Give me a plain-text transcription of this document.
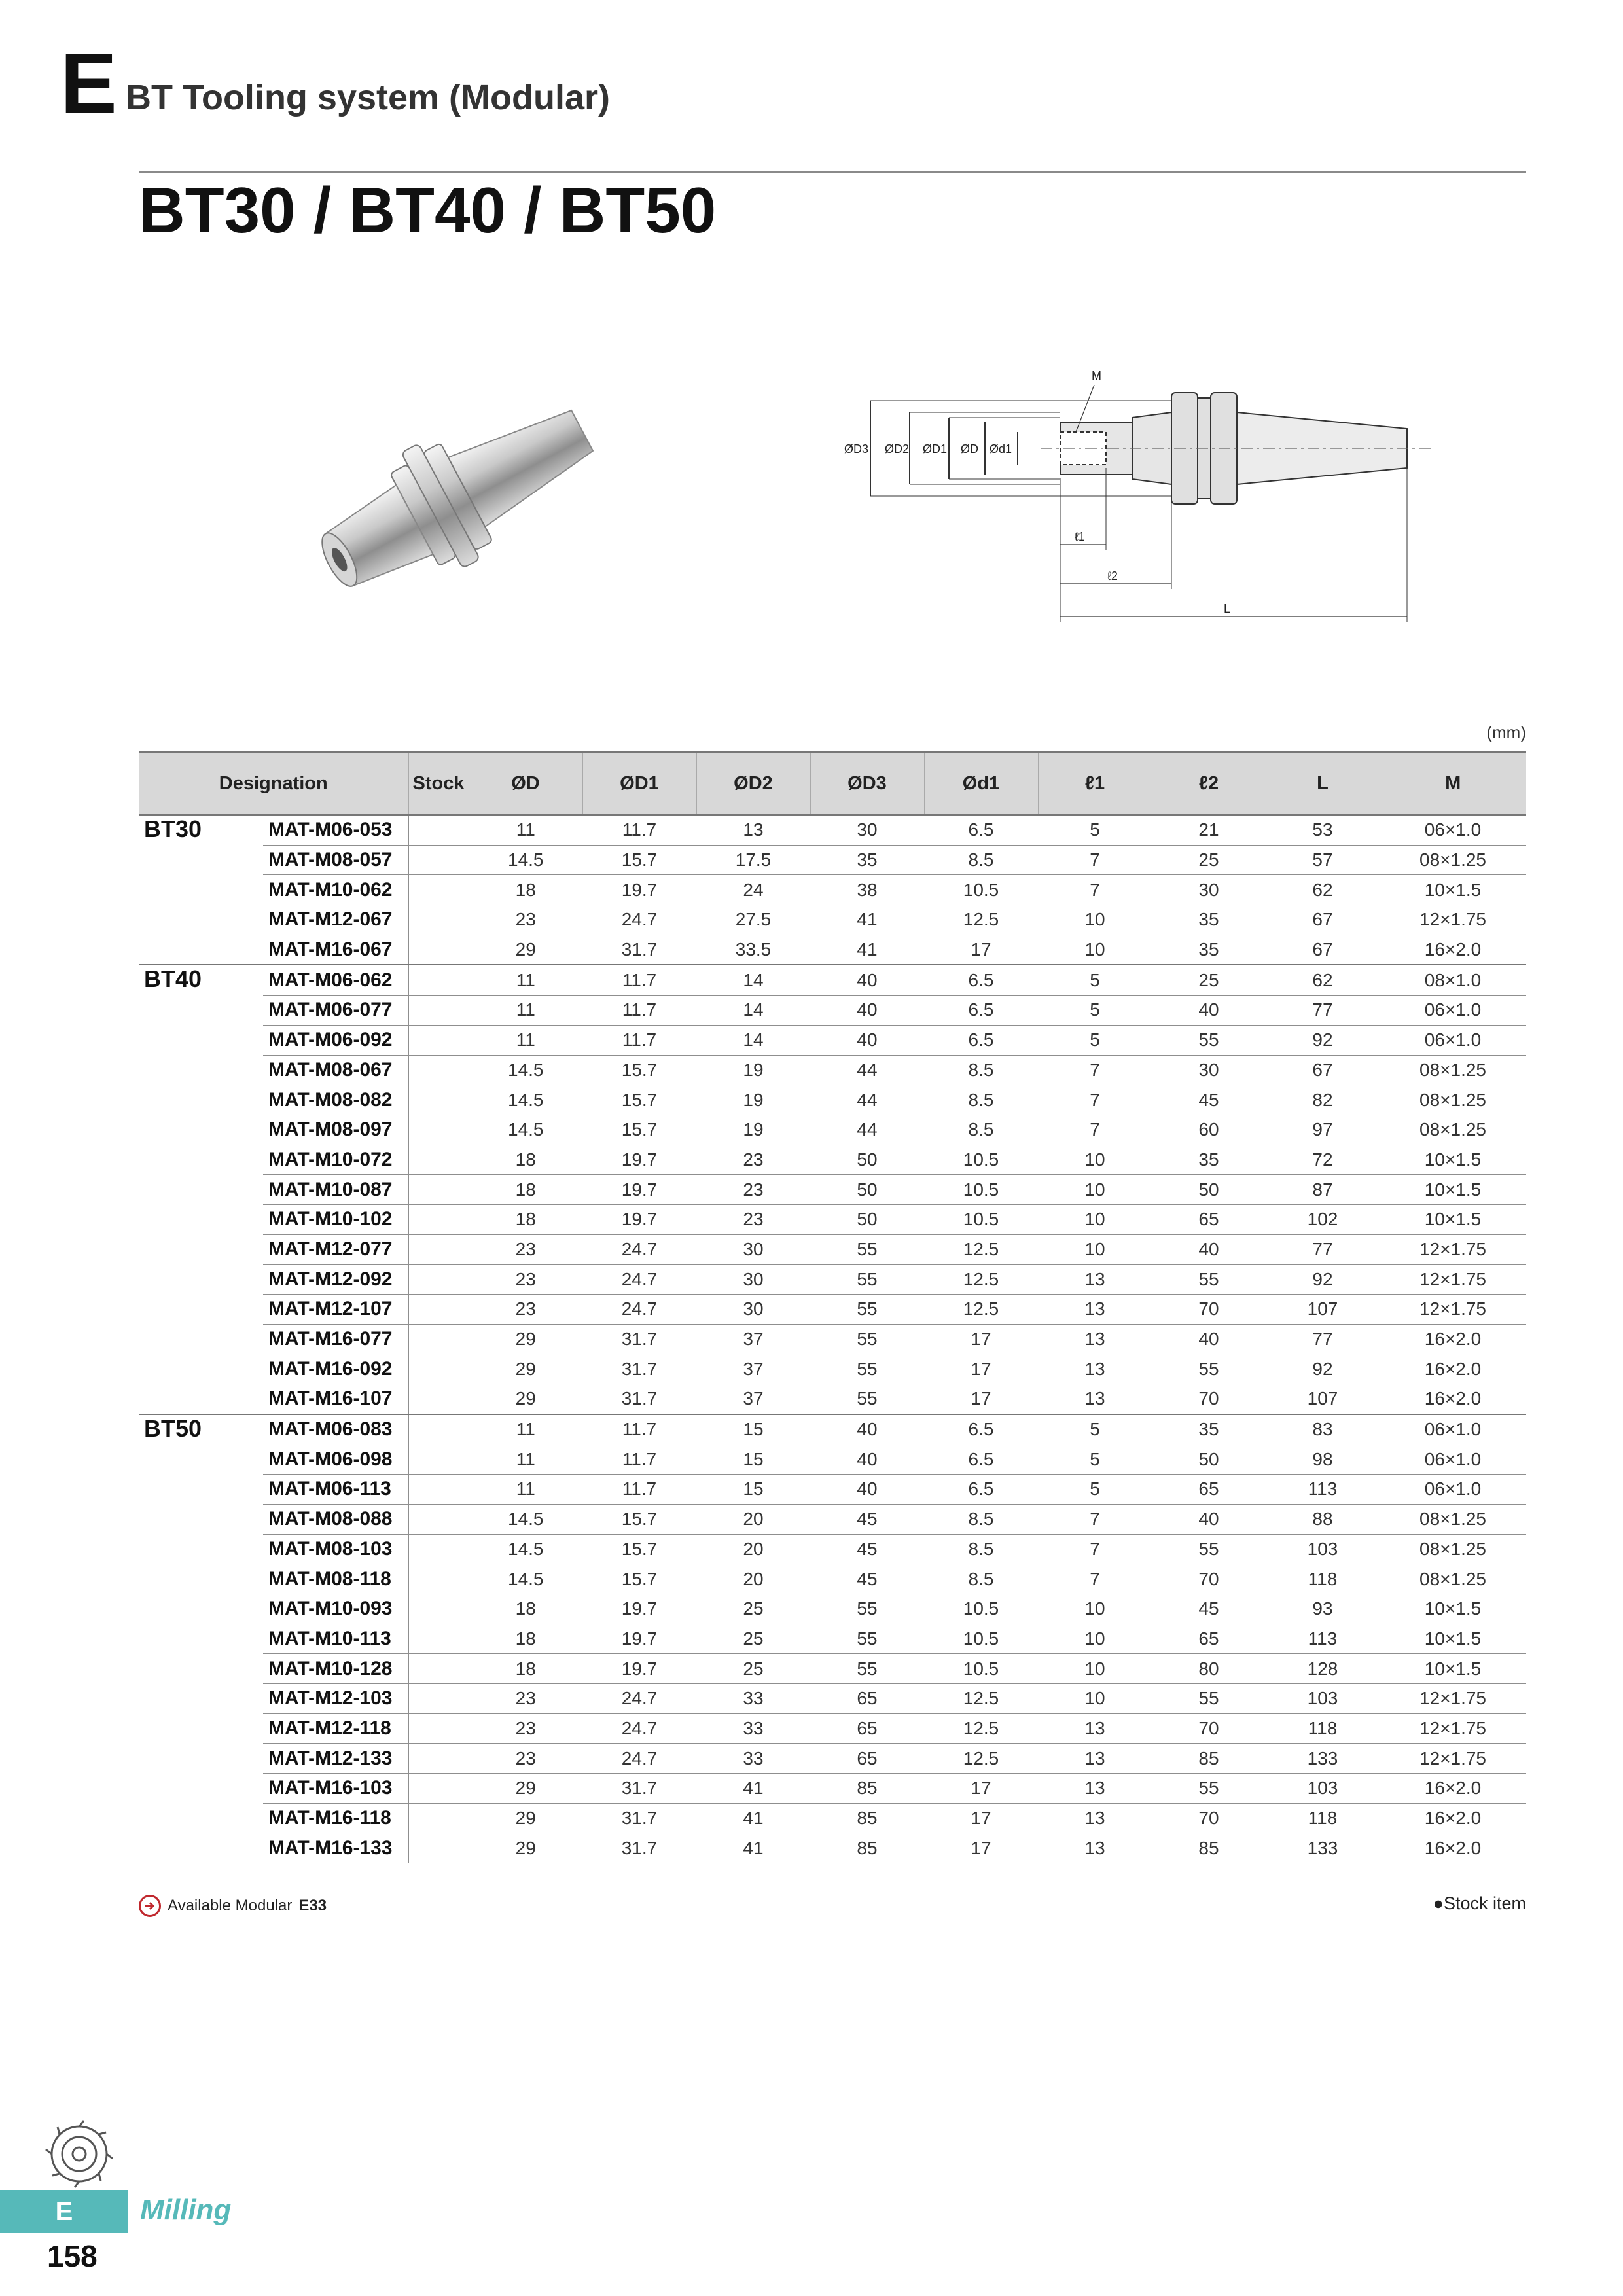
E BT Tooling system (Modular)
BT30 / BT40 / BT50
ØD3 ØD2 ØD1 ØD Ød1
M
ℓ1
ℓ2
L
(mm)
Designation		Stock	ØD	ØD1	ØD2	ØD3	Ød1	ℓ1	ℓ2	L	M
BT30	MAT-M06-053		11	11.7	13	30	6.5	5	21	53	06×1.0
	MAT-M08-057		14.5	15.7	17.5	35	8.5	7	25	57	08×1.25
	MAT-M10-062		18	19.7	24	38	10.5	7	30	62	10×1.5
	MAT-M12-067		23	24.7	27.5	41	12.5	10	35	67	12×1.75
	MAT-M16-067		29	31.7	33.5	41	17	10	35	67	16×2.0
BT40	MAT-M06-062		11	11.7	14	40	6.5	5	25	62	08×1.0
	MAT-M06-077		11	11.7	14	40	6.5	5	40	77	06×1.0
	MAT-M06-092		11	11.7	14	40	6.5	5	55	92	06×1.0
	MAT-M08-067		14.5	15.7	19	44	8.5	7	30	67	08×1.25
	MAT-M08-082		14.5	15.7	19	44	8.5	7	45	82	08×1.25
	MAT-M08-097		14.5	15.7	19	44	8.5	7	60	97	08×1.25
	MAT-M10-072		18	19.7	23	50	10.5	10	35	72	10×1.5
	MAT-M10-087		18	19.7	23	50	10.5	10	50	87	10×1.5
	MAT-M10-102		18	19.7	23	50	10.5	10	65	102	10×1.5
	MAT-M12-077		23	24.7	30	55	12.5	10	40	77	12×1.75
	MAT-M12-092		23	24.7	30	55	12.5	13	55	92	12×1.75
	MAT-M12-107		23	24.7	30	55	12.5	13	70	107	12×1.75
	MAT-M16-077		29	31.7	37	55	17	13	40	77	16×2.0
	MAT-M16-092		29	31.7	37	55	17	13	55	92	16×2.0
	MAT-M16-107		29	31.7	37	55	17	13	70	107	16×2.0
BT50	MAT-M06-083		11	11.7	15	40	6.5	5	35	83	06×1.0
	MAT-M06-098		11	11.7	15	40	6.5	5	50	98	06×1.0
	MAT-M06-113		11	11.7	15	40	6.5	5	65	113	06×1.0
	MAT-M08-088		14.5	15.7	20	45	8.5	7	40	88	08×1.25
	MAT-M08-103		14.5	15.7	20	45	8.5	7	55	103	08×1.25
	MAT-M08-118		14.5	15.7	20	45	8.5	7	70	118	08×1.25
	MAT-M10-093		18	19.7	25	55	10.5	10	45	93	10×1.5
	MAT-M10-113		18	19.7	25	55	10.5	10	65	113	10×1.5
	MAT-M10-128		18	19.7	25	55	10.5	10	80	128	10×1.5
	MAT-M12-103		23	24.7	33	65	12.5	10	55	103	12×1.75
	MAT-M12-118		23	24.7	33	65	12.5	13	70	118	12×1.75
	MAT-M12-133		23	24.7	33	65	12.5	13	85	133	12×1.75
	MAT-M16-103		29	31.7	41	85	17	13	55	103	16×2.0
	MAT-M16-118		29	31.7	41	85	17	13	70	118	16×2.0
	MAT-M16-133		29	31.7	41	85	17	13	85	133	16×2.0
Available Modular E33	●Stock item
E	Milling
158
